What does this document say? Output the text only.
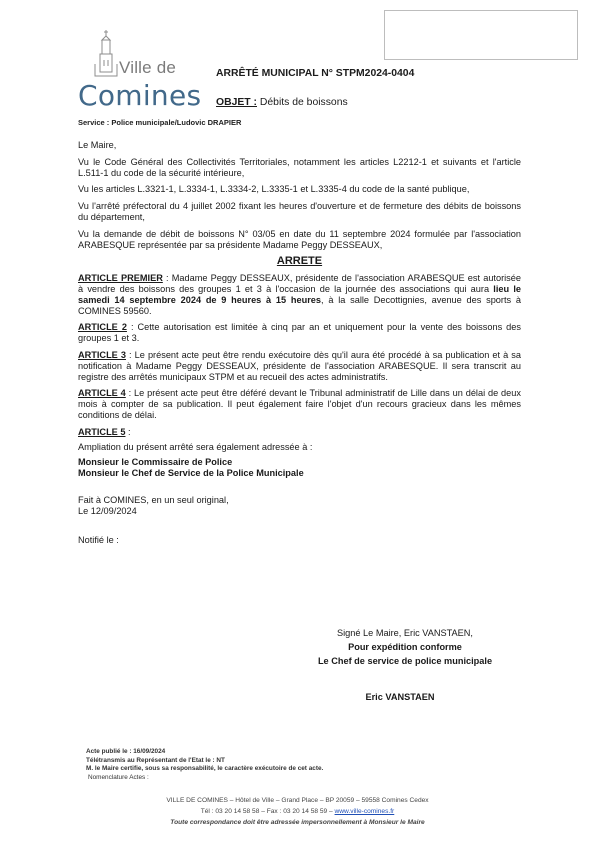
Ville de
Comines
ARRÊTÉ MUNICIPAL N° STPM2024-0404
OBJET : Débits de boissons
Service : Police municipale/Ludovic DRAPIER

Le Maire,

Vu le Code Général des Collectivités Territoriales, notamment les articles L2212-1 et suivants et l'article L.511-1 du code de la sécurité intérieure,

Vu les articles L.3321-1, L.3334-1, L.3334-2, L.3335-1 et L.3335-4 du code de la santé publique,

Vu l'arrêté préfectoral du 4 juillet 2002 fixant les heures d'ouverture et de fermeture des débits de boissons du département,

Vu la demande de débit de boissons N° 03/05 en date du 11 septembre 2024 formulée par l'association ARABESQUE représentée par sa présidente Madame Peggy DESSEAUX,

ARRETE

ARTICLE PREMIER : Madame Peggy DESSEAUX, présidente de l'association ARABESQUE est autorisée à vendre des boissons des groupes 1 et 3 à l'occasion de la journée des associations qui aura lieu le samedi 14 septembre 2024 de 9 heures à 15 heures, à la salle Decottignies, avenue des sports à COMINES 59560.

ARTICLE 2 : Cette autorisation est limitée à cinq par an et uniquement pour la vente des boissons des groupes 1 et 3.

ARTICLE 3 : Le présent acte peut être rendu exécutoire dès qu'il aura été procédé à sa publication et à sa notification à Madame Peggy DESSEAUX, présidente de l'association ARABESQUE. Il sera transcrit au registre des arrêtés municipaux STPM et au recueil des actes administratifs.

ARTICLE 4 : Le présent acte peut être déféré devant le Tribunal administratif de Lille dans un délai de deux mois à compter de sa publication. Il peut également faire l'objet d'un recours gracieux dans les mêmes conditions de délai.

ARTICLE 5 :

Ampliation du présent arrêté sera également adressée à :

Monsieur le Commissaire de Police
Monsieur le Chef de Service de la Police Municipale
Fait à COMINES, en un seul original,
Le 12/09/2024
Notifié le :
Signé Le Maire, Eric VANSTAEN,
Pour expédition conforme
Le Chef de service de police municipale
Eric VANSTAEN
Acte publié le : 16/09/2024
Télétransmis au Représentant de l'Etat le : NT
M. le Maire certifie, sous sa responsabilité, le caractère exécutoire de cet acte.
Nomenclature Actes :
VILLE DE COMINES – Hôtel de Ville – Grand Place – BP 20059 – 59558 Comines Cedex
Tél : 03 20 14 58 58 – Fax : 03 20 14 58 59 – www.ville-comines.fr
Toute correspondance doit être adressée impersonnellement à Monsieur le Maire
